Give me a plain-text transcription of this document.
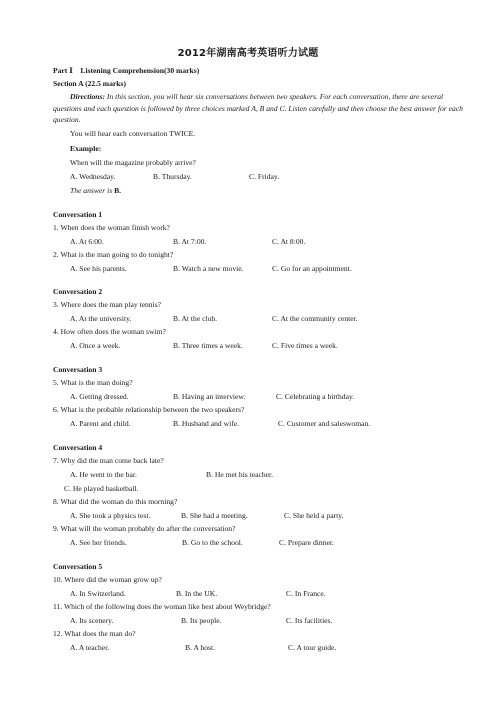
2012年湖南高考英语听力试题
Part Ⅰ Listening Comprehension(30 marks)
Section A (22.5 marks)
Directions: In this section, you will hear six conversations between two speakers. For each conversation, there are several questions and each question is followed by three choices marked A, B and C. Listen carefully and then choose the best answer for each question.
You will hear each conversation TWICE.
Example:
When will the magazine probably arrive?
A. Wednesday.	B. Thursday.	C. Friday.
The answer is B.
Conversation 1
1. When does the woman finish work?
A. At 6:00.	B. At 7:00.	C. At 8:00.
2. What is the man going to do tonight?
A. See his parents.	B. Watch a new movie.	C. Go for an appointment.
Conversation 2
3. Where does the man play tennis?
A. At the university.	B. At the club.	C. At the community center.
4. How often does the woman swim?
A. Once a week.	B. Three times a week.	C. Five times a week.
Conversation 3
5. What is the man doing?
A. Getting dressed.	B. Having an interview.	C. Celebrating a birthday.
6. What is the probable relationship between the two speakers?
A. Parent and child.	B. Husband and wife.	C. Customer and saleswoman.
Conversation 4
7. Why did the man come back late?
A. He went to the bar.	B. He met his teacher.
C. He played basketball.
8. What did the woman do this morning?
A. She took a physics test.	B. She had a meeting.	C. She held a party.
9. What will the woman probably do after the conversation?
A. See her friends.	B. Go to the school.	C. Prepare dinner.
Conversation 5
10. Where did the woman grow up?
A. In Switzerland.	B. In the UK.	C. In France.
11. Which of the following does the woman like best about Weybridge?
A. Its scenery.	B. Its people.	C. Its facilities.
12. What does the man do?
A. A teacher.	B. A host.	C. A tour guide.
